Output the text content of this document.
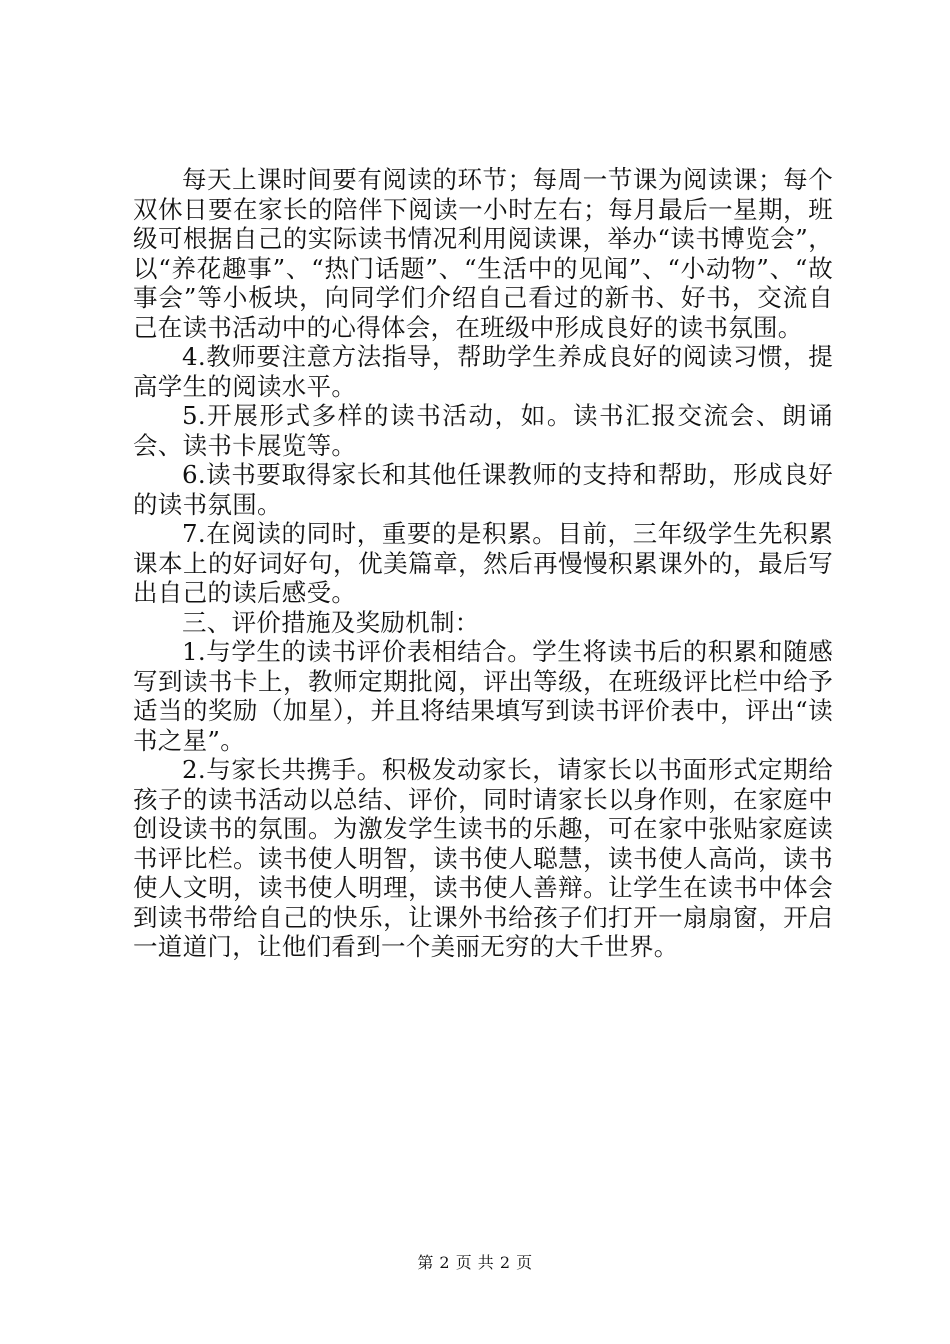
每天上课时间要有阅读的环节；每周一节课为阅读课；每个双休日要在家长的陪伴下阅读一小时左右；每月最后一星期，班级可根据自己的实际读书情况利用阅读课，举办“读书博览会”，以“养花趣事”、“热门话题”、“生活中的见闻”、“小动物”、“故事会”等小板块，向同学们介绍自己看过的新书、好书，交流自己在读书活动中的心得体会，在班级中形成良好的读书氛围。

4.教师要注意方法指导，帮助学生养成良好的阅读习惯，提高学生的阅读水平。

5.开展形式多样的读书活动，如。读书汇报交流会、朗诵会、读书卡展览等。

6.读书要取得家长和其他任课教师的支持和帮助，形成良好的读书氛围。

7.在阅读的同时，重要的是积累。目前，三年级学生先积累课本上的好词好句，优美篇章，然后再慢慢积累课外的，最后写出自己的读后感受。

三、评价措施及奖励机制：

1.与学生的读书评价表相结合。学生将读书后的积累和随感写到读书卡上，教师定期批阅，评出等级，在班级评比栏中给予适当的奖励（加星），并且将结果填写到读书评价表中，评出“读书之星”。

2.与家长共携手。积极发动家长，请家长以书面形式定期给孩子的读书活动以总结、评价，同时请家长以身作则，在家庭中创设读书的氛围。为激发学生读书的乐趣，可在家中张贴家庭读书评比栏。读书使人明智，读书使人聪慧，读书使人高尚，读书使人文明，读书使人明理，读书使人善辩。让学生在读书中体会到读书带给自己的快乐，让课外书给孩子们打开一扇扇窗，开启一道道门，让他们看到一个美丽无穷的大千世界。

第 2 页 共 2 页
